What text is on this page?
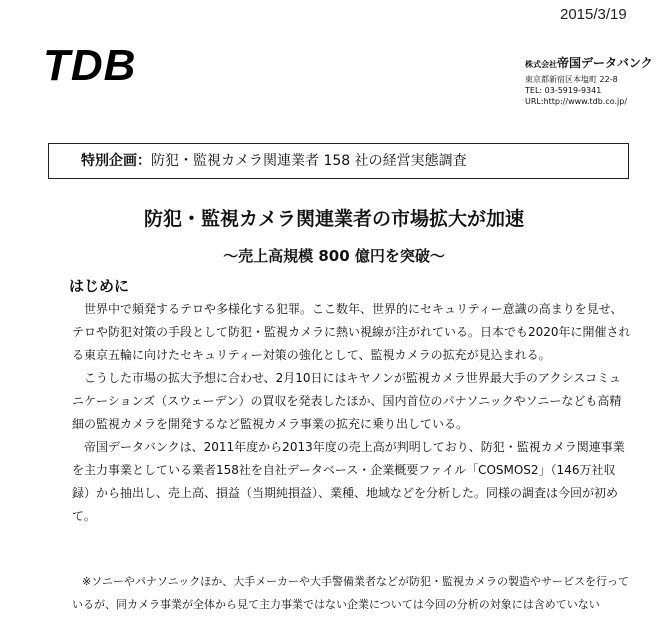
2015/3/19
TDB	株式会社帝国データバンク
東京都新宿区本塩町 22-8
TEL: 03-5919-9341
URL:http://www.tdb.co.jp/
特別企画：防犯・監視カメラ関連業者 158 社の経営実態調査
防犯・監視カメラ関連業者の市場拡大が加速
～売上高規模 800 億円を突破～
はじめに

世界中で頻発するテロや多様化する犯罪。ここ数年、世界的にセキュリティー意識の高まりを見せ、テロや防犯対策の手段として防犯・監視カメラに熱い視線が注がれている。日本でも2020年に開催される東京五輪に向けたセキュリティー対策の強化として、監視カメラの拡充が見込まれる。

こうした市場の拡大予想に合わせ、2月10日にはキヤノンが監視カメラ世界最大手のアクシスコミュニケーションズ（スウェーデン）の買収を発表したほか、国内首位のパナソニックやソニーなども高精細の監視カメラを開発するなど監視カメラ事業の拡充に乗り出している。

帝国データバンクは、2011年度から2013年度の売上高が判明しており、防犯・監視カメラ関連事業を主力事業としている業者158社を自社データベース・企業概要ファイル「COSMOS2」（146万社収録）から抽出し、売上高、損益（当期純損益）、業種、地域などを分析した。同様の調査は今回が初めて。

※ソニーやパナソニックほか、大手メーカーや大手警備業者などが防犯・監視カメラの製造やサービスを行っているが、同カメラ事業が全体から見て主力事業ではない企業については今回の分析の対象には含めていない
